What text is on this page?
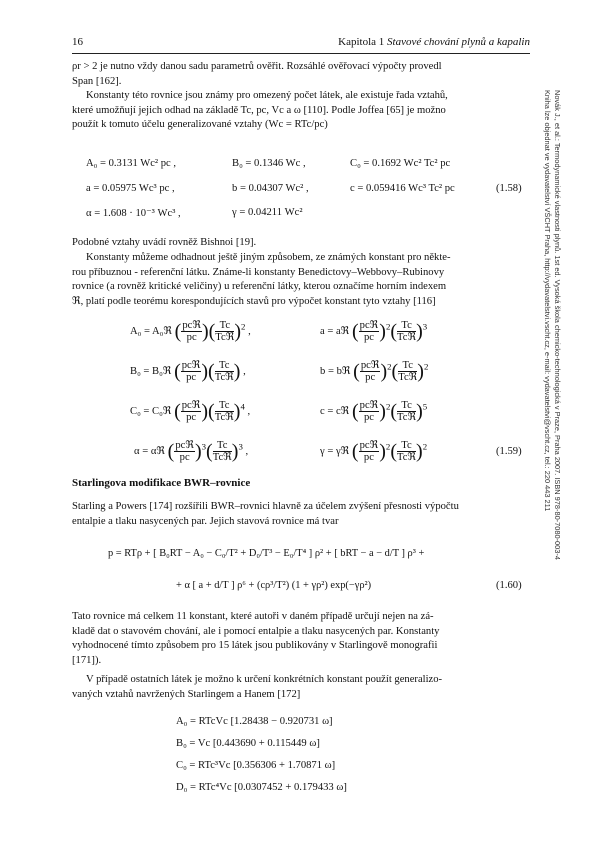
16	Kapitola 1 Stavové chování plynů a kapalin
Novák J., et al.: Termodynamické vlastnosti plynů. 1st ed. Vysoká škola chemicko-technologická v Praze, Praha 2007. ISBN 978-80-7080-003-4
Kniha lze objednat ve vydavatelství VŠCHT Praha, http://vydavatelstvi.vscht.cz, e-mail: vydavatelstvi@vscht.cz, tel.: 220 443 211
ρr > 2 je nutno vždy danou sadu parametrů ověřit. Rozsáhlé ověřovací výpočty provedl
Span [162].
Konstanty této rovnice jsou známy pro omezený počet látek, ale existuje řada vztahů,
které umožňují jejich odhad na základě Tc, pc, Vc a ω [110]. Podle Joffea [65] je možno
použít k tomuto účelu generalizované vztahy (Wc = RTc/pc)
A₀ = 0.3131 Wc² pc ,	B₀ = 0.1346 Wc ,	C₀ = 0.1692 Wc² Tc² pc
a = 0.05975 Wc³ pc ,	b = 0.04307 Wc² ,	c = 0.059416 Wc³ Tc² pc
α = 1.608 · 10⁻³ Wc³ ,	γ = 0.04211 Wc²
(1.58)
Podobné vztahy uvádí rovněž Bishnoi [19].
Konstanty můžeme odhadnout ještě jiným způsobem, ze známých konstant pro někte-
rou příbuznou - referenční látku. Známe-li konstanty Benedictovy–Webbovy–Rubinovy
rovnice (a rovněž kritické veličiny) u referenční látky, kterou označíme horním indexem
ℜ, platí podle teorému korespondujících stavů pro výpočet konstant tyto vztahy [116]
A₀ = A₀ℜ ( $\frac{\text{pcℜ}}{pc}$ )( $\frac{Tc}{\text{Tcℜ}} )^2$ ,	a = aℜ ( $\frac{\text{pcℜ}}{pc} )^2( \frac{Tc}{\text{Tcℜ}} )^3$
B₀ = B₀ℜ ( $\frac{\text{pcℜ}}{pc}$ )( $\frac{Tc}{\text{Tcℜ}}$ ) ,	b = bℜ ( $\frac{\text{pcℜ}}{pc} )^2( \frac{Tc}{\text{Tcℜ}} )^2$
C₀ = C₀ℜ ( $\frac{\text{pcℜ}}{pc}$ )( $\frac{Tc}{\text{Tcℜ}} )^4$ ,	c = cℜ ( $\frac{\text{pcℜ}}{pc} )^2( \frac{Tc}{\text{Tcℜ}} )^5$
α = αℜ ( $\frac{\text{pcℜ}}{pc} )^3( \frac{Tc}{\text{Tcℜ}} )^3$ ,	γ = γℜ ( $\frac{\text{pcℜ}}{pc} )^2( \frac{Tc}{\text{Tcℜ}} )^2$	(1.59)
Starlingova modifikace BWR–rovnice
Starling a Powers [174] rozšířili BWR–rovnici hlavně za účelem zvýšení přesnosti výpočtu
entalpie a tlaku nasycených par. Jejich stavová rovnice má tvar
p = RTρ + [ B₀RT − A₀ − C₀/T² + D₀/T³ − E₀/T⁴ ] ρ² + [ bRT − a − d/T ] ρ³ +
+ α [ a + d/T ] ρ⁶ + (cρ³/T²) (1 + γρ²) exp(−γρ²)	(1.60)
Tato rovnice má celkem 11 konstant, které autoři v daném případě určují nejen na zá-
kladě dat o stavovém chování, ale i pomocí entalpie a tlaku nasycených par. Konstanty
vyhodnocené tímto způsobem pro 15 látek jsou publikovány v Starlingově monografii
[171]).
V případě ostatních látek je možno k určení konkrétních konstant použít generalizo-
vaných vztahů navržených Starlingem a Hanem [172]
A₀ = RTcVc [1.28438 − 0.920731 ω]
B₀ = Vc [0.443690 + 0.115449 ω]
C₀ = RTc³Vc [0.356306 + 1.70871 ω]
D₀ = RTc⁴Vc [0.0307452 + 0.179433 ω]
